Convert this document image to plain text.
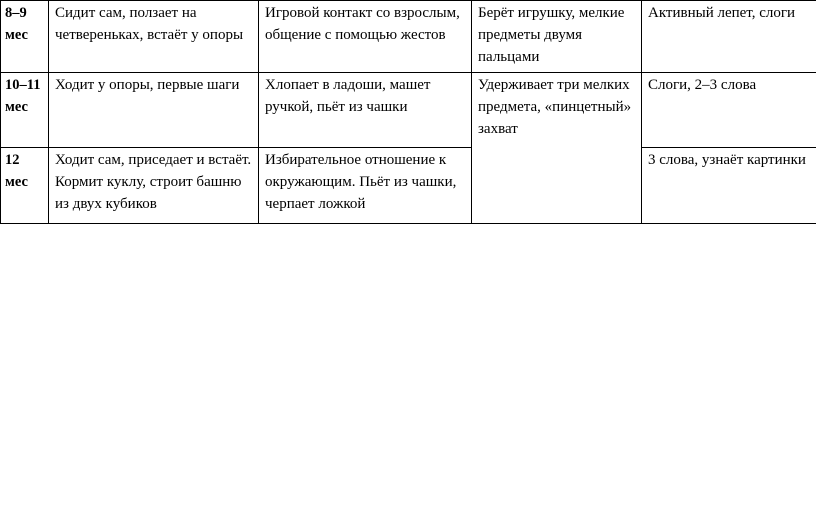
8–9 мес	Сидит сам, ползает на четвереньках, встаёт у опоры	Игровой контакт со взрослым, общение с помощью жестов	Берёт игрушку, мелкие предметы двумя пальцами	Активный лепет, слоги
10–11 мес	Ходит у опоры, первые шаги	Хлопает в ладоши, машет ручкой, пьёт из чашки	Удерживает три мелких предмета, «пинцетный» захват	Слоги, 2–3 слова
12 мес	Ходит сам, приседает и встаёт. Кормит куклу, строит башню из двух кубиков	Избирательное отношение к окружающим. Пьёт из чашки, черпает ложкой		3 слова, узнаёт картинки
